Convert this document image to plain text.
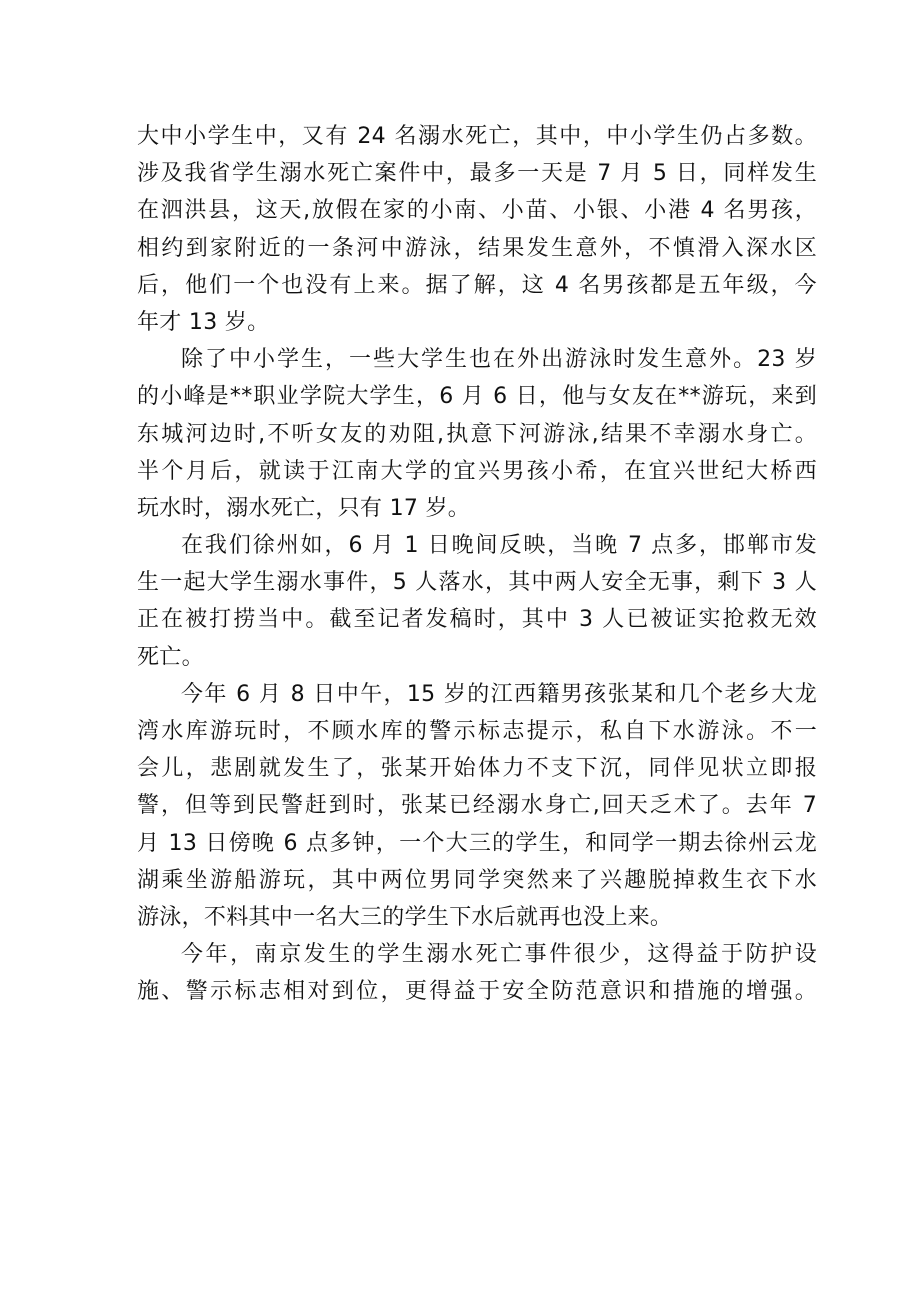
大中小学生中，又有 24 名溺水死亡，其中，中小学生仍占多数。
涉及我省学生溺水死亡案件中，最多一天是 7 月 5 日，同样发生
在泗洪县，这天,放假在家的小南、小苗、小银、小港 4 名男孩，
相约到家附近的一条河中游泳，结果发生意外，不慎滑入深水区
后，他们一个也没有上来。据了解，这 4 名男孩都是五年级，今
年才 13 岁。
除了中小学生，一些大学生也在外出游泳时发生意外。23 岁
的小峰是**职业学院大学生，6 月 6 日，他与女友在**游玩，来到
东城河边时,不听女友的劝阻,执意下河游泳,结果不幸溺水身亡。
半个月后，就读于江南大学的宜兴男孩小希，在宜兴世纪大桥西
玩水时，溺水死亡，只有 17 岁。
在我们徐州如，6 月 1 日晚间反映，当晚 7 点多，邯郸市发
生一起大学生溺水事件，5 人落水，其中两人安全无事，剩下 3 人
正在被打捞当中。截至记者发稿时，其中 3 人已被证实抢救无效
死亡。
今年 6 月 8 日中午，15 岁的江西籍男孩张某和几个老乡大龙
湾水库游玩时，不顾水库的警示标志提示，私自下水游泳。不一
会儿，悲剧就发生了，张某开始体力不支下沉，同伴见状立即报
警，但等到民警赶到时，张某已经溺水身亡,回天乏术了。去年 7
月 13 日傍晚 6 点多钟，一个大三的学生，和同学一期去徐州云龙
湖乘坐游船游玩，其中两位男同学突然来了兴趣脱掉救生衣下水
游泳，不料其中一名大三的学生下水后就再也没上来。
今年，南京发生的学生溺水死亡事件很少，这得益于防护设
施、警示标志相对到位，更得益于安全防范意识和措施的增强。
